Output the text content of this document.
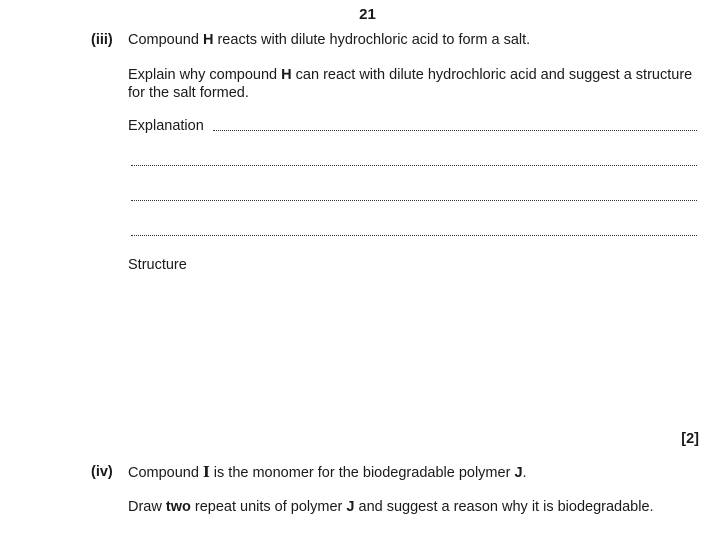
21
(iii) Compound H reacts with dilute hydrochloric acid to form a salt.
Explain why compound H can react with dilute hydrochloric acid and suggest a structure
for the salt formed.
Explanation
Structure
[2]
(iv) Compound I is the monomer for the biodegradable polymer J.
Draw two repeat units of polymer J and suggest a reason why it is biodegradable.
